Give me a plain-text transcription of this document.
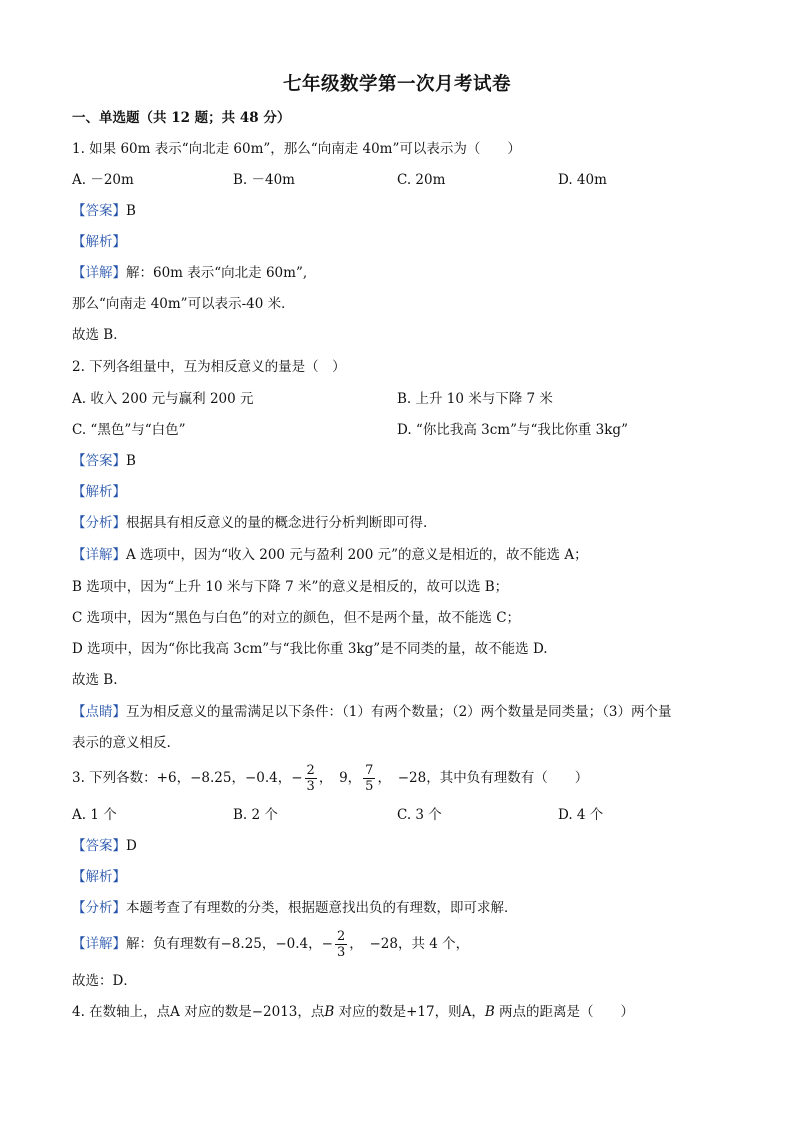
七年级数学第一次月考试卷
一、单选题（共 12 题；共 48 分）
1. 如果 60m 表示“向北走 60m”，那么“向南走 40m”可以表示为（　　）
A. －20m	B. －40m	C. 20m	D. 40m
【答案】B
【解析】
【详解】解：60m 表示“向北走 60m”,
那么“向南走 40m”可以表示-40 米．
故选 B．
2. 下列各组量中，互为相反意义的量是（　）
A. 收入 200 元与赢利 200 元	B. 上升 10 米与下降 7 米
C. “黑色”与“白色”	D. “你比我高 3cm”与“我比你重 3kg”
【答案】B
【解析】
【分析】根据具有相反意义的量的概念进行分析判断即可得.
【详解】A 选项中，因为“收入 200 元与盈利 200 元”的意义是相近的，故不能选 A；
B 选项中，因为“上升 10 米与下降 7 米”的意义是相反的，故可以选 B；
C 选项中，因为“黑色与白色”的对立的颜色，但不是两个量，故不能选 C；
D 选项中，因为“你比我高 3cm”与“我比你重 3kg”是不同类的量，故不能选 D.
故选 B.
【点睛】互为相反意义的量需满足以下条件：（1）有两个数量；（2）两个数量是同类量；（3）两个量
表示的意义相反.
3. 下列各数：+6，−8.25，−0.4，− $\frac{2}{3}$ ，　9， $\frac{7}{5}$ ，　−28，其中负有理数有（　　）
A. 1 个	B. 2 个	C. 3 个	D. 4 个
【答案】D
【解析】
【分析】本题考查了有理数的分类，根据题意找出负的有理数，即可求解．
【详解】解：负有理数有−8.25，−0.4，− $\frac{2}{3}$ ，　−28，共 4 个，
故选：D．
4. 在数轴上，点A 对应的数是−2013，点B 对应的数是+17，则A，B 两点的距离是（　　）
